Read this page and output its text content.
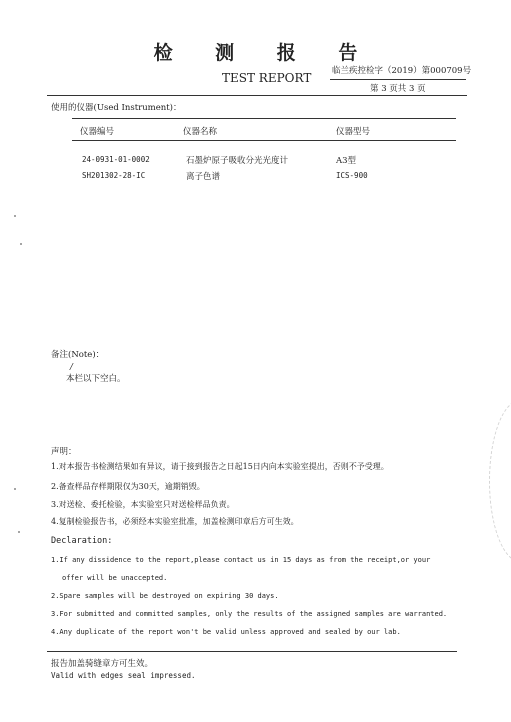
检 测 报 告
临兰疾控检字（2019）第000709号
TEST REPORT
第 3 页共 3 页
使用的仪器(Used Instrument)：
仪器编号	仪器名称	仪器型号
24-0931-01-0002	石墨炉原子吸收分光光度计	A3型
SH201302-28-IC	离子色谱	ICS-900
备注(Note)：
/
本栏以下空白。
声明：
1.对本报告书检测结果如有异议，请于接到报告之日起15日内向本实验室提出，否则不予受理。
2.备查样品存样期限仅为30天，逾期销毁。
3.对送检、委托检验，本实验室只对送检样品负责。
4.复制检验报告书，必须经本实验室批准，加盖检测印章后方可生效。
Declaration:
1.If any dissidence to the report,please contact us in 15 days as from the receipt,or your
offer will be unaccepted.
2.Spare samples will be destroyed on expiring 30 days.
3.For submitted and committed samples, only the results of the assigned samples are warranted.
4.Any duplicate of the report won't be valid unless approved and sealed by our lab.
报告加盖骑缝章方可生效。
Valid with edges seal impressed.
